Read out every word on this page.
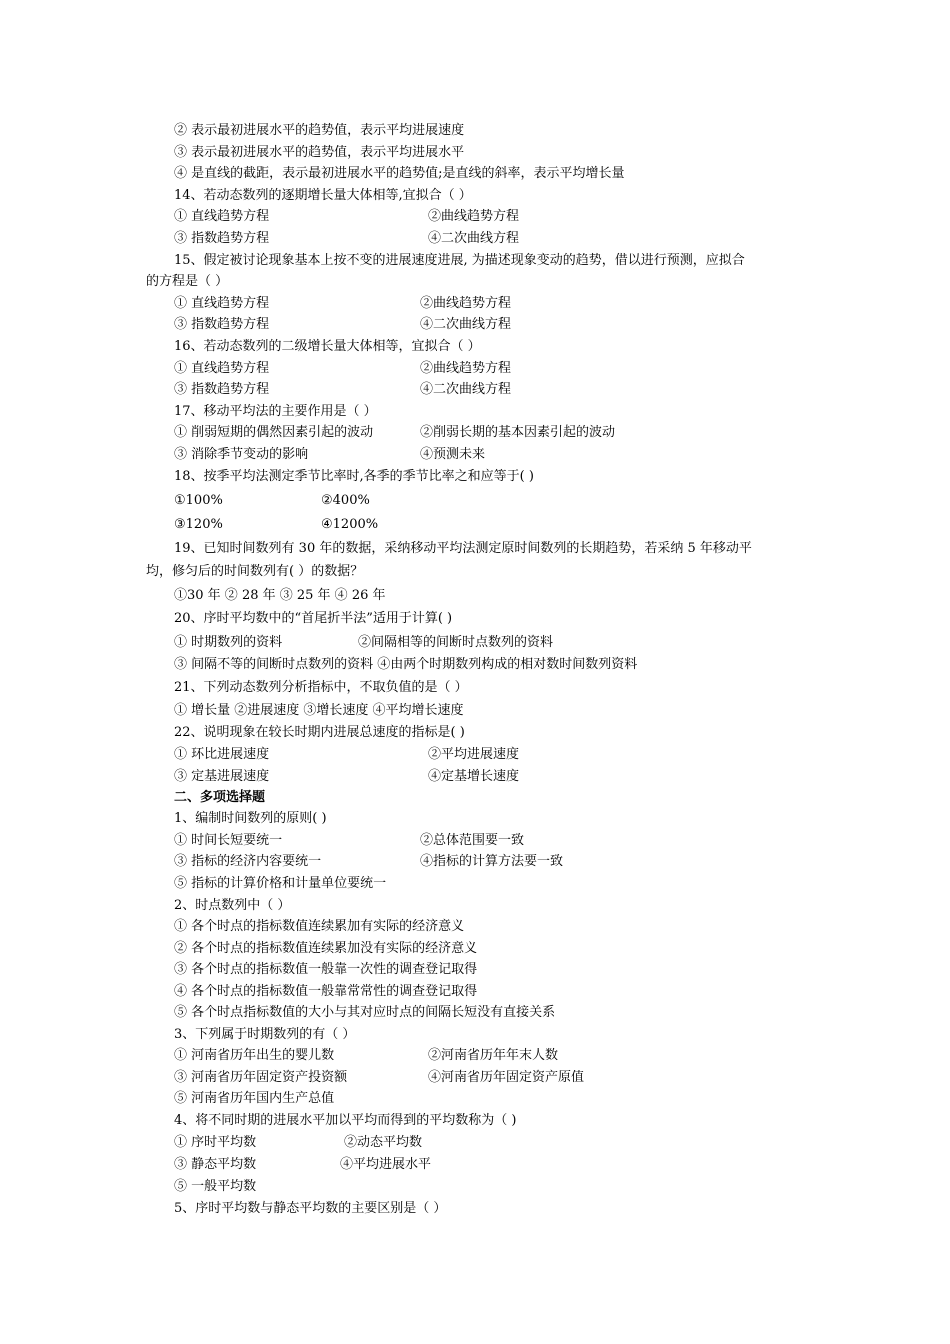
② 表示最初进展水平的趋势值，表示平均进展速度
③ 表示最初进展水平的趋势值，表示平均进展水平
④ 是直线的截距，表示最初进展水平的趋势值;是直线的斜率，表示平均增长量
14、若动态数列的逐期增长量大体相等,宜拟合（ ）
① 直线趋势方程	②曲线趋势方程
③ 指数趋势方程	④二次曲线方程
15、假定被讨论现象基本上按不变的进展速度进展, 为描述现象变动的趋势，借以进行预测，应拟合
的方程是（ ）
① 直线趋势方程	②曲线趋势方程
③ 指数趋势方程	④二次曲线方程
16、若动态数列的二级增长量大体相等，宜拟合（ ）
① 直线趋势方程	②曲线趋势方程
③ 指数趋势方程	④二次曲线方程
17、移动平均法的主要作用是（ ）
① 削弱短期的偶然因素引起的波动	②削弱长期的基本因素引起的波动
③ 消除季节变动的影响	④预测未来
18、按季平均法测定季节比率时,各季的季节比率之和应等于( )
①100%	②400%
③120%	④1200%
19、已知时间数列有 30 年的数据，采纳移动平均法测定原时间数列的长期趋势，若采纳 5 年移动平
均，修匀后的时间数列有( ）的数据？
①30 年 ② 28 年 ③ 25 年 ④ 26 年
20、序时平均数中的“首尾折半法”适用于计算( )
① 时期数列的资料	②间隔相等的间断时点数列的资料
③ 间隔不等的间断时点数列的资料 ④由两个时期数列构成的相对数时间数列资料
21、下列动态数列分析指标中，不取负值的是（ ）
① 增长量 ②进展速度 ③增长速度 ④平均增长速度
22、说明现象在较长时期内进展总速度的指标是( )
① 环比进展速度	②平均进展速度
③ 定基进展速度	④定基增长速度
二、多项选择题
1、编制时间数列的原则( )
① 时间长短要统一	②总体范围要一致
③ 指标的经济内容要统一	④指标的计算方法要一致
⑤ 指标的计算价格和计量单位要统一
2、时点数列中（ ）
① 各个时点的指标数值连续累加有实际的经济意义
② 各个时点的指标数值连续累加没有实际的经济意义
③ 各个时点的指标数值一般靠一次性的调查登记取得
④ 各个时点的指标数值一般靠常常性的调查登记取得
⑤ 各个时点指标数值的大小与其对应时点的间隔长短没有直接关系
3、下列属于时期数列的有（ ）
① 河南省历年出生的婴儿数	②河南省历年年末人数
③ 河南省历年固定资产投资额	④河南省历年固定资产原值
⑤ 河南省历年国内生产总值
4、将不同时期的进展水平加以平均而得到的平均数称为（ )
① 序时平均数	②动态平均数
③ 静态平均数	④平均进展水平
⑤ 一般平均数
5、序时平均数与静态平均数的主要区别是（ ）
